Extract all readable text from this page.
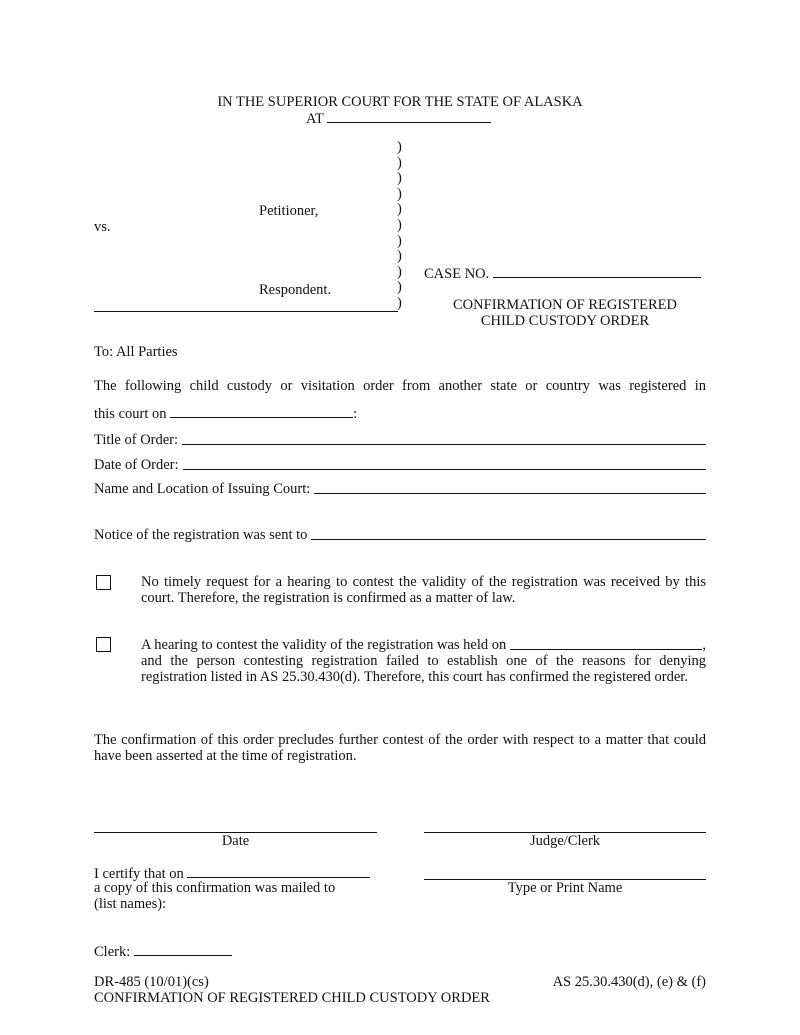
IN THE SUPERIOR COURT FOR THE STATE OF ALASKA
AT
)
)
)
)
)
)
)
)
)
)
)
Petitioner,
vs.
Respondent.
CASE NO.
CONFIRMATION OF REGISTERED
CHILD CUSTODY ORDER
To: All Parties
The following child custody or visitation order from another state or country was registered in
this court on	:
Title of Order:
Date of Order:
Name and Location of Issuing Court:
Notice of the registration was sent to
No timely request for a hearing to contest the validity of the registration was received by this court. Therefore, the registration is confirmed as a matter of law.
A hearing to contest the validity of the registration was held on	,
and the person contesting registration failed to establish one of the reasons for denying registration listed in AS 25.30.430(d). Therefore, this court has confirmed the registered order.
The confirmation of this order precludes further contest of the order with respect to a matter that could have been asserted at the time of registration.
Date	Judge/Clerk
I certify that on
a copy of this confirmation was mailed to
(list names):
Type or Print Name
Clerk:
DR-485 (10/01)(cs)
CONFIRMATION OF REGISTERED CHILD CUSTODY ORDER
AS 25.30.430(d), (e) & (f)
